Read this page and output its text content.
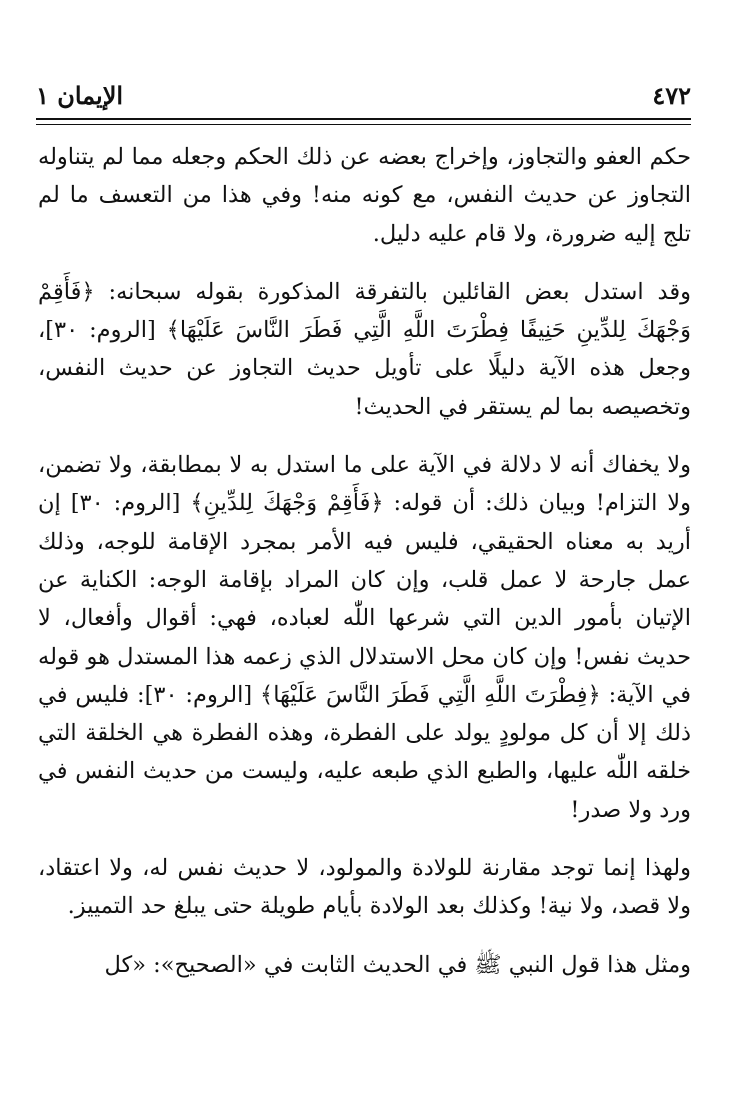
٤٧٢
الإيمان ١

حكم العفو والتجاوز، وإخراج بعضه عن ذلك الحكم وجعله مما لم يتناوله التجاوز عن حديث النفس، مع كونه منه! وفي هذا من التعسف ما لم تلج إليه ضرورة، ولا قام عليه دليل.

وقد استدل بعض القائلين بالتفرقة المذكورة بقوله سبحانه: ﴿فَأَقِمْ وَجْهَكَ لِلدِّينِ حَنِيفًا فِطْرَتَ اللَّهِ الَّتِي فَطَرَ النَّاسَ عَلَيْهَا﴾ [الروم: ٣٠]، وجعل هذه الآية دليلًا على تأويل حديث التجاوز عن حديث النفس، وتخصيصه بما لم يستقر في الحديث!

ولا يخفاك أنه لا دلالة في الآية على ما استدل به لا بمطابقة، ولا تضمن، ولا التزام! وبيان ذلك: أن قوله: ﴿فَأَقِمْ وَجْهَكَ لِلدِّينِ﴾ [الروم: ٣٠] إن أريد به معناه الحقيقي، فليس فيه الأمر بمجرد الإقامة للوجه، وذلك عمل جارحة لا عمل قلب، وإن كان المراد بإقامة الوجه: الكناية عن الإتيان بأمور الدين التي شرعها اللّٰه لعباده، فهي: أقوال وأفعال، لا حديث نفس! وإن كان محل الاستدلال الذي زعمه هذا المستدل هو قوله في الآية: ﴿فِطْرَتَ اللَّهِ الَّتِي فَطَرَ النَّاسَ عَلَيْهَا﴾ [الروم: ٣٠]: فليس في ذلك إلا أن كل مولودٍ يولد على الفطرة، وهذه الفطرة هي الخلقة التي خلقه اللّٰه عليها، والطبع الذي طبعه عليه، وليست من حديث النفس في ورد ولا صدر!

ولهذا إنما توجد مقارنة للولادة والمولود، لا حديث نفس له، ولا اعتقاد، ولا قصد، ولا نية! وكذلك بعد الولادة بأيام طويلة حتى يبلغ حد التمييز.

ومثل هذا قول النبي ﷺ في الحديث الثابت في «الصحيح»: «كل
